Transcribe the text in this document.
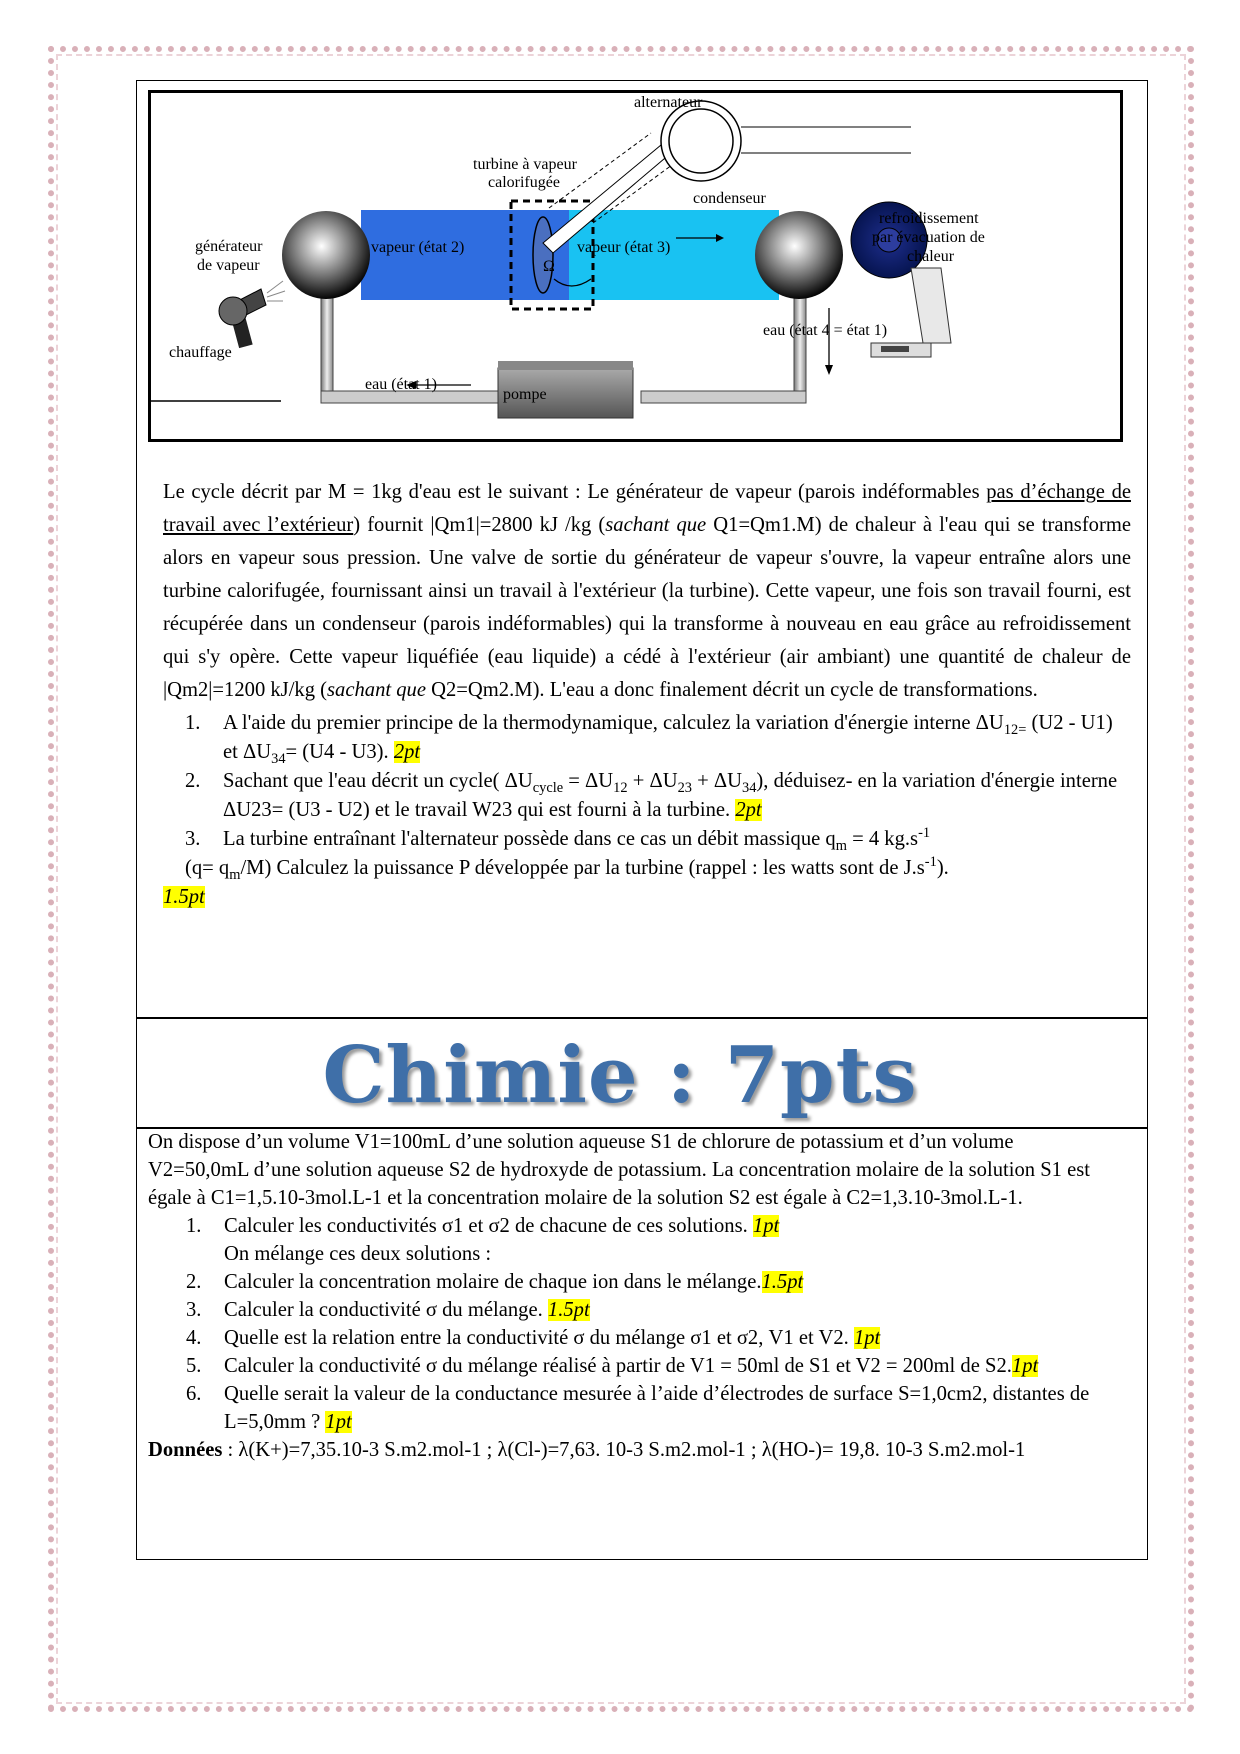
alternateur
turbine à vapeur
calorifugée
condenseur
refroidissement
par évacuation de
chaleur
générateur
de vapeur
vapeur (état 2)	vapeur (état 3)
Ω
chauffage
eau (état 4 = état 1)
eau (état 1)
pompe

Le cycle décrit par M = 1kg d'eau est le suivant : Le générateur de vapeur (parois indéformables pas d’échange de travail avec l’extérieur) fournit |Qm1|=2800 kJ /kg (sachant que Q1=Qm1.M) de chaleur à l'eau qui se transforme alors en vapeur sous pression. Une valve de sortie du générateur de vapeur s'ouvre, la vapeur entraîne alors une turbine calorifugée, fournissant ainsi un travail à l'extérieur (la turbine). Cette vapeur, une fois son travail fourni, est récupérée dans un condenseur (parois indéformables) qui la transforme à nouveau en eau grâce au refroidissement qui s'y opère. Cette vapeur liquéfiée (eau liquide) a cédé à l'extérieur (air ambiant) une quantité de chaleur de |Qm2|=1200 kJ/kg (sachant que Q2=Qm2.M). L'eau a donc finalement décrit un cycle de transformations.

1. A l'aide du premier principe de la thermodynamique, calculez la variation d'énergie interne $\Delta U_{12=}$ (U2 - U1) et $\Delta U_{34}= (U4 - U3)$. 2pt
2. Sachant que l'eau décrit un cycle( $\Delta U_{cycle} = \Delta U_{12} + \Delta U_{23} + \Delta U_{34}$), déduisez- en la variation d'énergie interne ΔU23= (U3 - U2) et le travail W23 qui est fourni à la turbine. 2pt
3. La turbine entraînant l'alternateur possède dans ce cas un débit massique $q_m = 4$ $kg.s^{-1}$
$(q= q_m/M)$ Calculez la puissance P développée par la turbine (rappel : les watts sont de $J.s^{-1}$).
1.5pt
Chimie : 7pts

On dispose d’un volume V1=100mL d’une solution aqueuse S1 de chlorure de potassium et d’un volume V2=50,0mL d’une solution aqueuse S2 de hydroxyde de potassium. La concentration molaire de la solution S1 est égale à C1=1,5.10-3mol.L-1 et la concentration molaire de la solution S2 est égale à C2=1,3.10-3mol.L-1.

1. Calculer les conductivités σ1 et σ2 de chacune de ces solutions. 1pt
On mélange ces deux solutions :
2. Calculer la concentration molaire de chaque ion dans le mélange.1.5pt
3. Calculer la conductivité σ du mélange. 1.5pt
4. Quelle est la relation entre la conductivité σ du mélange σ1 et σ2, V1 et V2. 1pt
5. Calculer la conductivité σ du mélange réalisé à partir de V1 = 50ml de S1 et V2 = 200ml de S2.1pt
6. Quelle serait la valeur de la conductance mesurée à l’aide d’électrodes de surface S=1,0cm2, distantes de L=5,0mm ? 1pt
Données : λ(K+)=7,35.10-3 S.m2.mol-1 ; λ(Cl-)=7,63. 10-3 S.m2.mol-1 ; λ(HO-)= 19,8. 10-3 S.m2.mol-1
